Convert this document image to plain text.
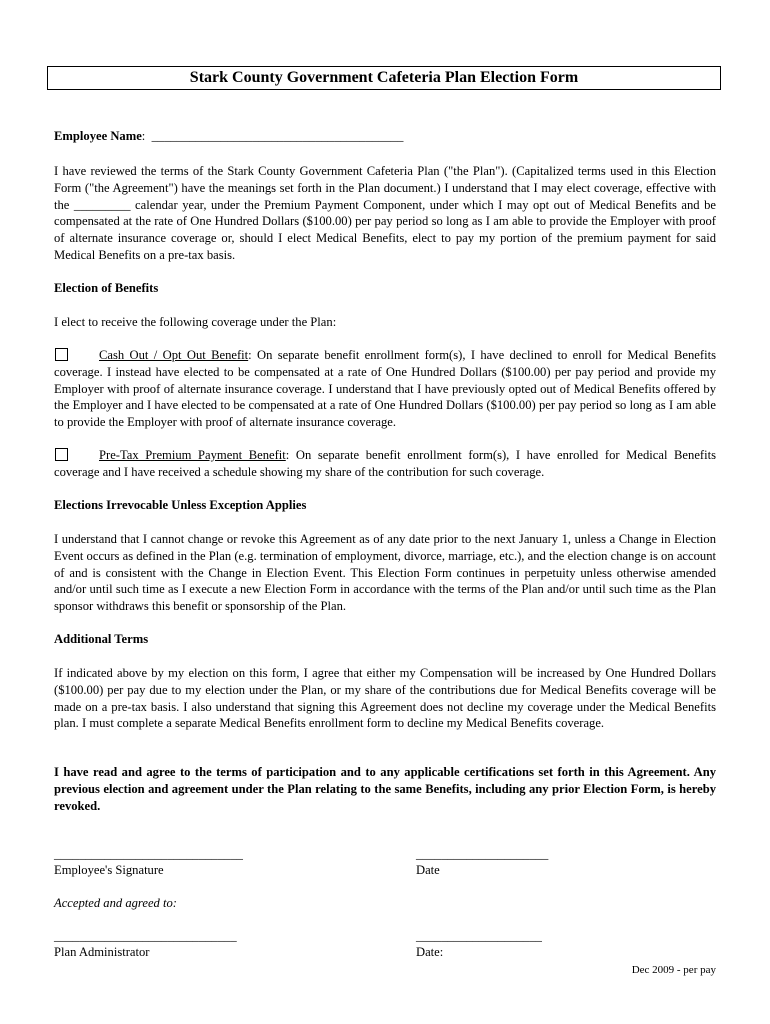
Stark County Government Cafeteria Plan Election Form
Employee Name: ________________________________________
I have reviewed the terms of the Stark County Government Cafeteria Plan ("the Plan"). (Capitalized terms used in this Election Form ("the Agreement") have the meanings set forth in the Plan document.) I understand that I may elect coverage, effective with the _________ calendar year, under the Premium Payment Component, under which I may opt out of Medical Benefits and be compensated at the rate of One Hundred Dollars ($100.00) per pay period so long as I am able to provide the Employer with proof of alternate insurance coverage or, should I elect Medical Benefits, elect to pay my portion of the premium payment for said Medical Benefits on a pre-tax basis.
Election of Benefits
I elect to receive the following coverage under the Plan:
Cash Out / Opt Out Benefit: On separate benefit enrollment form(s), I have declined to enroll for Medical Benefits coverage. I instead have elected to be compensated at a rate of One Hundred Dollars ($100.00) per pay period and provide my Employer with proof of alternate insurance coverage. I understand that I have previously opted out of Medical Benefits offered by the Employer and I have elected to be compensated at a rate of One Hundred Dollars ($100.00) per pay period so long as I am able to provide the Employer with proof of alternate insurance coverage.
Pre-Tax Premium Payment Benefit: On separate benefit enrollment form(s), I have enrolled for Medical Benefits coverage and I have received a schedule showing my share of the contribution for such coverage.
Elections Irrevocable Unless Exception Applies
I understand that I cannot change or revoke this Agreement as of any date prior to the next January 1, unless a Change in Election Event occurs as defined in the Plan (e.g. termination of employment, divorce, marriage, etc.), and the election change is on account of and is consistent with the Change in Election Event. This Election Form continues in perpetuity unless otherwise amended and/or until such time as I execute a new Election Form in accordance with the terms of the Plan and/or until such time as the Plan sponsor withdraws this benefit or sponsorship of the Plan.
Additional Terms
If indicated above by my election on this form, I agree that either my Compensation will be increased by One Hundred Dollars ($100.00) per pay due to my election under the Plan, or my share of the contributions due for Medical Benefits coverage will be made on a pre-tax basis. I also understand that signing this Agreement does not decline my coverage under the Medical Benefits plan. I must complete a separate Medical Benefits enrollment form to decline my Medical Benefits coverage.
I have read and agree to the terms of participation and to any applicable certifications set forth in this Agreement. Any previous election and agreement under the Plan relating to the same Benefits, including any prior Election Form, is hereby revoked.
______________________________
Employee's Signature
_____________________
Date
Accepted and agreed to:
_____________________________
Plan Administrator
____________________
Date:
Dec 2009 - per pay
